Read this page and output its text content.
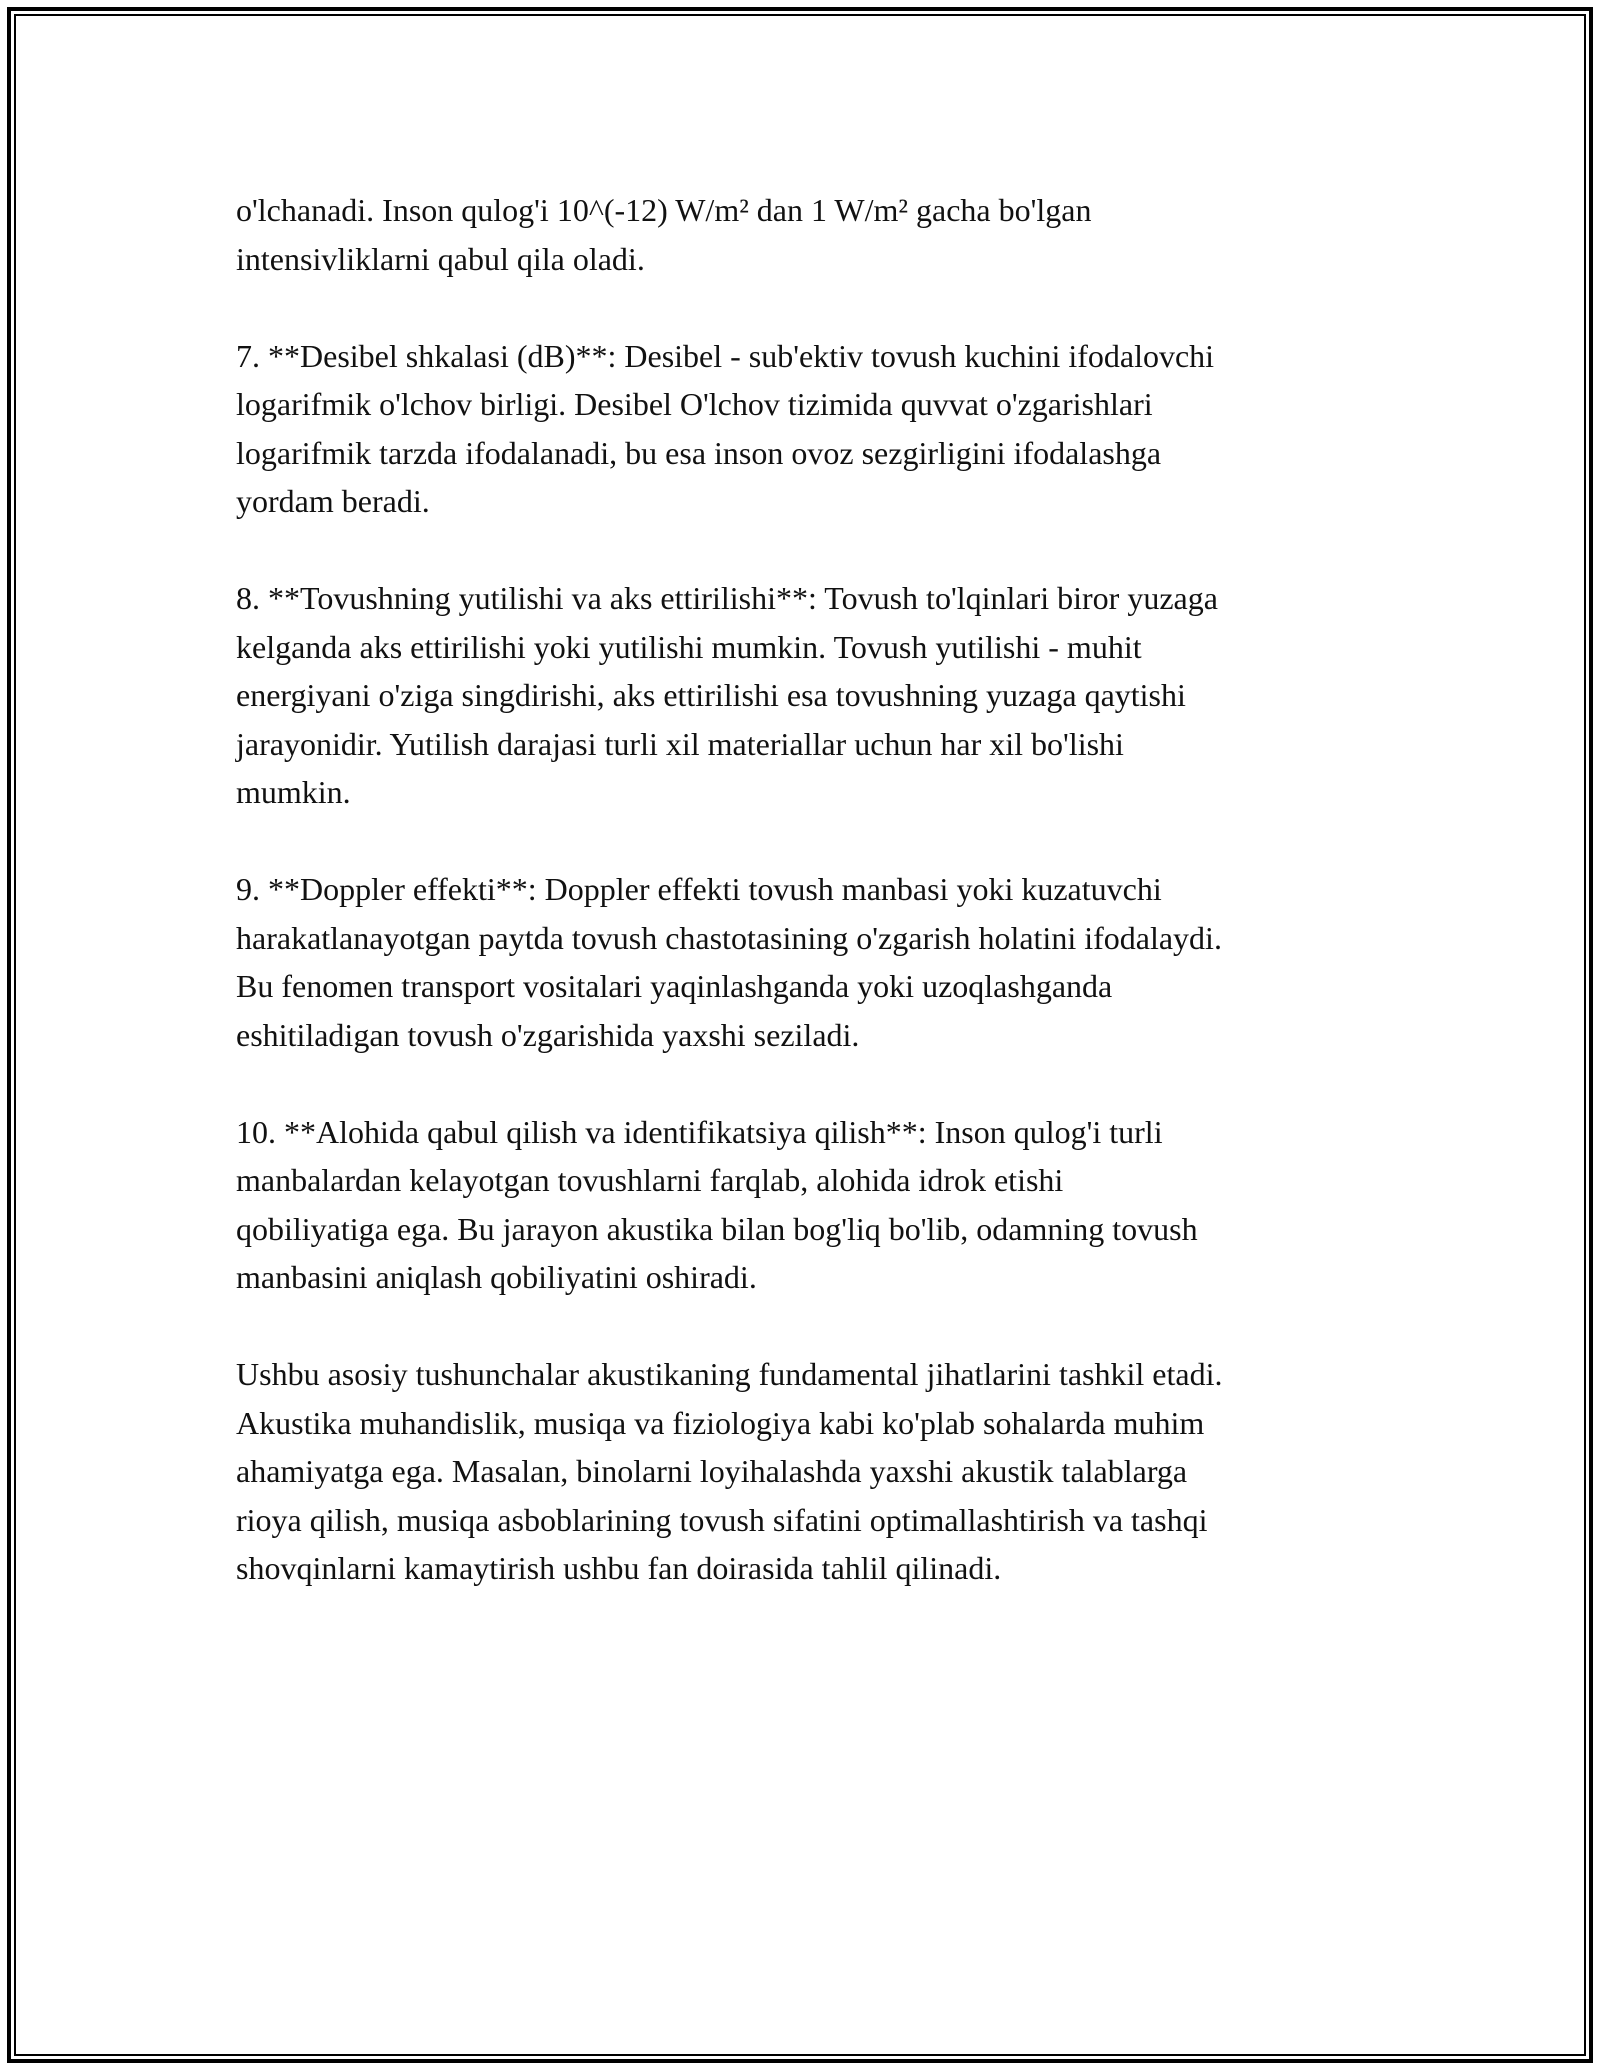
o'lchanadi. Inson qulog'i 10^(-12) W/m² dan 1 W/m² gacha bo'lgan
intensivliklarni qabul qila oladi.

7. **Desibel shkalasi (dB)**: Desibel - sub'ektiv tovush kuchini ifodalovchi
logarifmik o'lchov birligi. Desibel O'lchov tizimida quvvat o'zgarishlari
logarifmik tarzda ifodalanadi, bu esa inson ovoz sezgirligini ifodalashga
yordam beradi.

8. **Tovushning yutilishi va aks ettirilishi**: Tovush to'lqinlari biror yuzaga
kelganda aks ettirilishi yoki yutilishi mumkin. Tovush yutilishi - muhit
energiyani o'ziga singdirishi, aks ettirilishi esa tovushning yuzaga qaytishi
jarayonidir. Yutilish darajasi turli xil materiallar uchun har xil bo'lishi
mumkin.

9. **Doppler effekti**: Doppler effekti tovush manbasi yoki kuzatuvchi
harakatlanayotgan paytda tovush chastotasining o'zgarish holatini ifodalaydi.
Bu fenomen transport vositalari yaqinlashganda yoki uzoqlashganda
eshitiladigan tovush o'zgarishida yaxshi seziladi.

10. **Alohida qabul qilish va identifikatsiya qilish**: Inson qulog'i turli
manbalardan kelayotgan tovushlarni farqlab, alohida idrok etishi
qobiliyatiga ega. Bu jarayon akustika bilan bog'liq bo'lib, odamning tovush
manbasini aniqlash qobiliyatini oshiradi.

Ushbu asosiy tushunchalar akustikaning fundamental jihatlarini tashkil etadi.
Akustika muhandislik, musiqa va fiziologiya kabi ko'plab sohalarda muhim
ahamiyatga ega. Masalan, binolarni loyihalashda yaxshi akustik talablarga
rioya qilish, musiqa asboblarining tovush sifatini optimallashtirish va tashqi
shovqinlarni kamaytirish ushbu fan doirasida tahlil qilinadi.
